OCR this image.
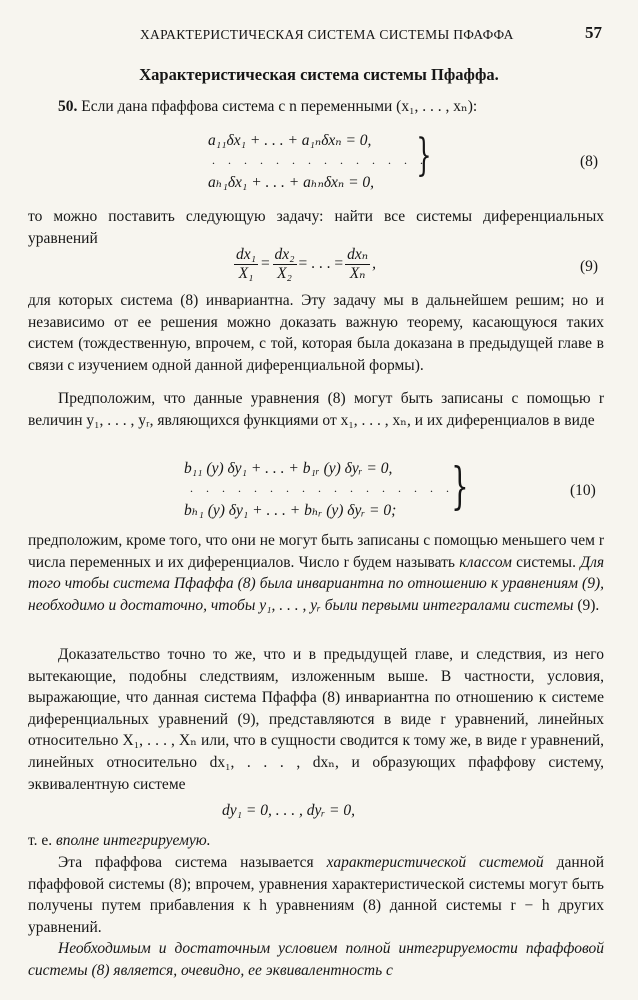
ХАРАКТЕРИСТИЧЕСКАЯ СИСТЕМА СИСТЕМЫ ПФАФФА	57
Характеристическая система системы Пфаффа.

50. Если дана пфаффова система с n переменными (x₁, . . . , xₙ):

a₁₁δx₁ + . . . + a₁ₙδxₙ = 0,
. . . . . . . . . . . . . .
aₕ₁δx₁ + . . . + aₕₙδxₙ = 0,
}	(8)

то можно поставить следующую задачу: найти все системы диференциальных уравнений

$\frac{\text{dx₁}}{\text{X₁}} = \frac{\text{dx₂}}{\text{X₂}}$ = . . . = $\frac{\text{dxₙ}}{\text{Xₙ}}$ ,	(9)

для которых система (8) инвариантна. Эту задачу мы в дальнейшем решим; но и независимо от ее решения можно доказать важную теорему, касающуюся таких систем (тождественную, впрочем, с той, которая была доказана в предыдущей главе в связи с изучением одной данной диференциальной формы).

Предположим, что данные уравнения (8) могут быть записаны с помощью r величин y₁, . . . , yᵣ, являющихся функциями от x₁, . . . , xₙ, и их диференциалов в виде

b₁₁ (y) δy₁ + . . . + b₁ᵣ (y) δyᵣ = 0,
. . . . . . . . . . . . . . . . .
bₕ₁ (y) δy₁ + . . . + bₕᵣ (y) δyᵣ = 0; }	(10)

предположим, кроме того, что они не могут быть записаны с помощью меньшего чем r числа переменных и их диференциалов. Число r будем называть классом системы. Для того чтобы система Пфаффа (8) была инвариантна по отношению к уравнениям (9), необходимо и достаточно, чтобы y₁, . . . , yᵣ были первыми интегралами системы (9).

Доказательство точно то же, что и в предыдущей главе, и следствия, из него вытекающие, подобны следствиям, изложенным выше. В частности, условия, выражающие, что данная система Пфаффа (8) инвариантна по отношению к системе диференциальных уравнений (9), представляются в виде r уравнений, линейных относительно X₁, . . . , Xₙ или, что в сущности сводится к тому же, в виде r уравнений, линейных относительно dx₁, . . . , dxₙ, и образующих пфаффову систему, эквивалентную системе

dy₁ = 0, . . . , dyᵣ = 0,

т. е. вполне интегрируемую.

Эта пфаффова система называется характеристической системой данной пфаффовой системы (8); впрочем, уравнения характеристической системы могут быть получены путем прибавления к h уравнениям (8) данной системы r − h других уравнений.

Необходимым и достаточным условием полной интегрируемости пфаффовой системы (8) является, очевидно, ее эквивалентность с
